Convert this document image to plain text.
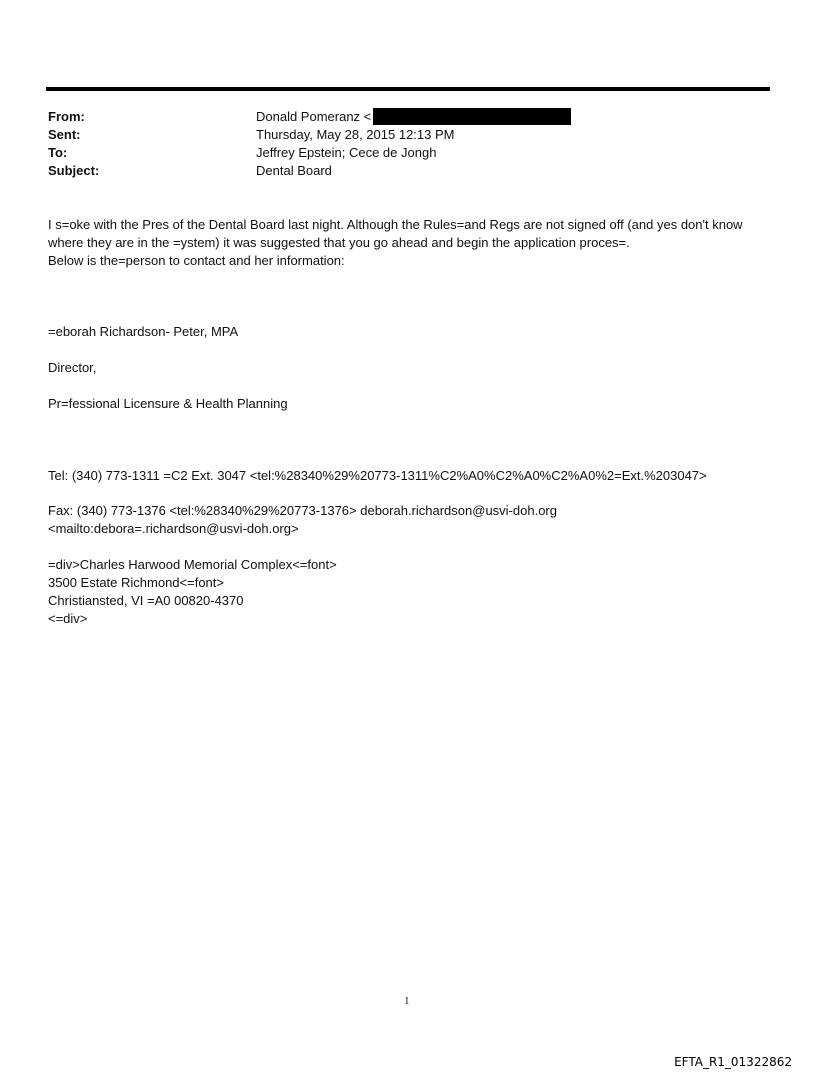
From:	Donald Pomeranz <
Sent:	Thursday, May 28, 2015 12:13 PM
To:	Jeffrey Epstein; Cece de Jongh
Subject:	Dental Board
I s=oke with the Pres of the Dental Board last night. Although the Rules=and Regs are not signed off (and yes don't know
where they are in the =ystem) it was suggested that you go ahead and begin the application proces=.
Below is the=person to contact and her information:
=eborah Richardson- Peter, MPA
Director,
Pr=fessional Licensure & Health Planning
Tel: (340) 773-1311 =C2 Ext. 3047 <tel:%28340%29%20773-1311%C2%A0%C2%A0%C2%A0%2=Ext.%203047>
Fax: (340) 773-1376 <tel:%28340%29%20773-1376> deborah.richardson@usvi-doh.org
<mailto:debora=.richardson@usvi-doh.org>
=div>Charles Harwood Memorial Complex<=font>
3500 Estate Richmond<=font>
Christiansted, VI =A0 00820-4370
<=div>
1
EFTA_R1_01322862
